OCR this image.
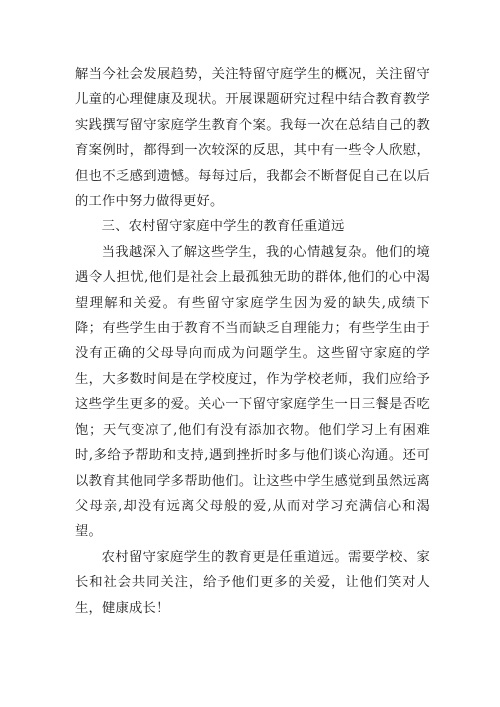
解当今社会发展趋势，关注特留守庭学生的概况，关注留守儿童的心理健康及现状。开展课题研究过程中结合教育教学实践撰写留守家庭学生教育个案。我每一次在总结自己的教育案例时，都得到一次较深的反思，其中有一些令人欣慰，但也不乏感到遗憾。每每过后，我都会不断督促自己在以后的工作中努力做得更好。

三、农村留守家庭中学生的教育任重道远

当我越深入了解这些学生，我的心情越复杂。他们的境遇令人担忧,他们是社会上最孤独无助的群体,他们的心中渴望理解和关爱。有些留守家庭学生因为爱的缺失,成绩下降；有些学生由于教育不当而缺乏自理能力；有些学生由于没有正确的父母导向而成为问题学生。这些留守家庭的学生，大多数时间是在学校度过，作为学校老师，我们应给予这些学生更多的爱。关心一下留守家庭学生一日三餐是否吃饱；天气变凉了,他们有没有添加衣物。他们学习上有困难时,多给予帮助和支持,遇到挫折时多与他们谈心沟通。还可以教育其他同学多帮助他们。让这些中学生感觉到虽然远离父母亲,却没有远离父母般的爱,从而对学习充满信心和渴望。

农村留守家庭学生的教育更是任重道远。需要学校、家长和社会共同关注，给予他们更多的关爱，让他们笑对人生，健康成长！
